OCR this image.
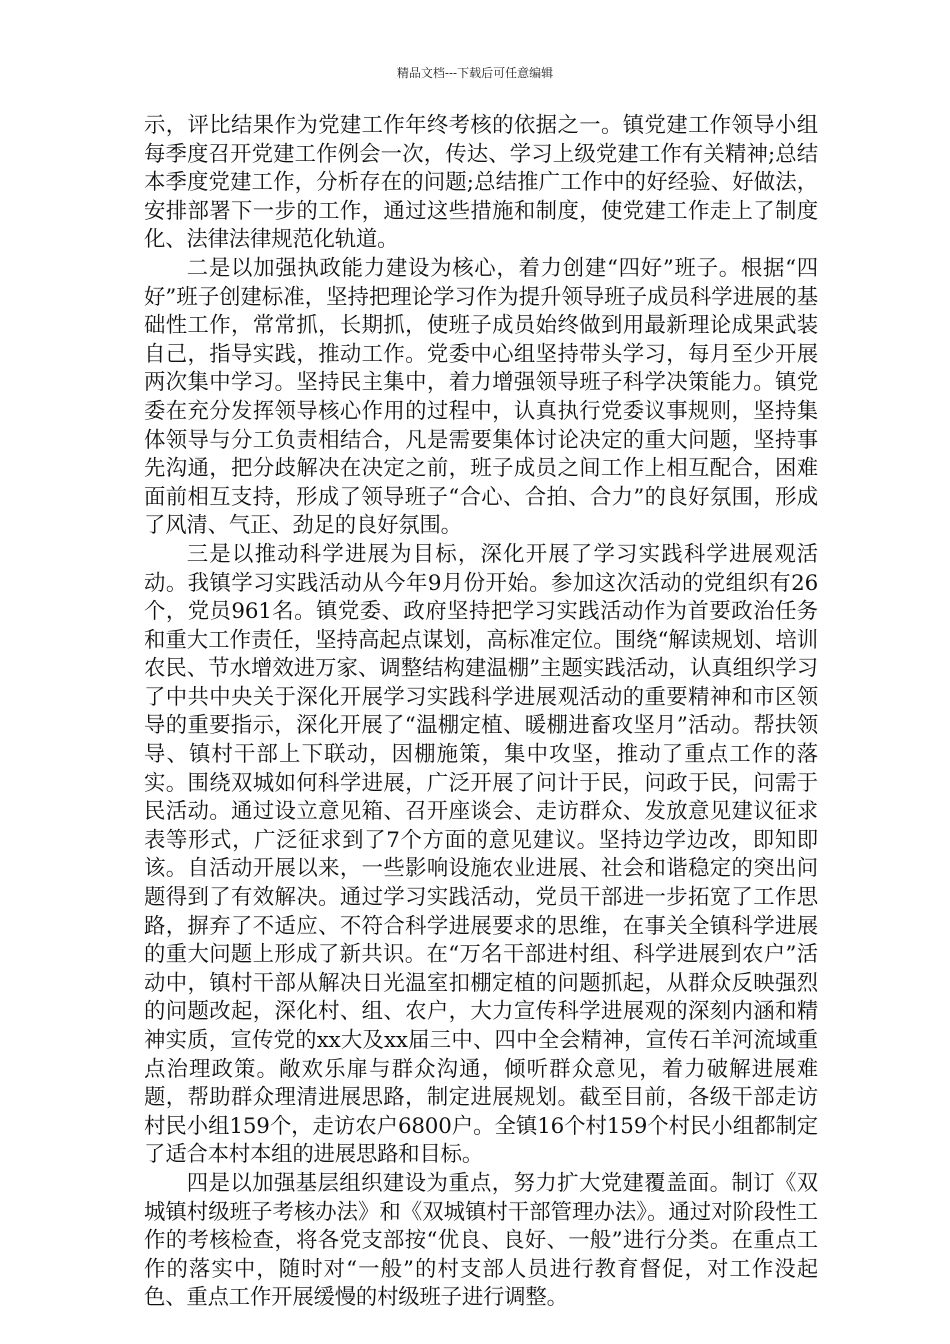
精品文档---下载后可任意编辑

示，评比结果作为党建工作年终考核的依据之一。镇党建工作领导小组每季度召开党建工作例会一次，传达、学习上级党建工作有关精神;总结本季度党建工作，分析存在的问题;总结推广工作中的好经验、好做法，安排部署下一步的工作，通过这些措施和制度，使党建工作走上了制度化、法律法律规范化轨道。

二是以加强执政能力建设为核心，着力创建“四好”班子。根据“四好”班子创建标准，坚持把理论学习作为提升领导班子成员科学进展的基础性工作，常常抓，长期抓，使班子成员始终做到用最新理论成果武装自己，指导实践，推动工作。党委中心组坚持带头学习，每月至少开展两次集中学习。坚持民主集中，着力增强领导班子科学决策能力。镇党委在充分发挥领导核心作用的过程中，认真执行党委议事规则，坚持集体领导与分工负责相结合，凡是需要集体讨论决定的重大问题，坚持事先沟通，把分歧解决在决定之前，班子成员之间工作上相互配合，困难面前相互支持，形成了领导班子“合心、合拍、合力”的良好氛围，形成了风清、气正、劲足的良好氛围。

三是以推动科学进展为目标，深化开展了学习实践科学进展观活动。我镇学习实践活动从今年9月份开始。参加这次活动的党组织有26个，党员961名。镇党委、政府坚持把学习实践活动作为首要政治任务和重大工作责任，坚持高起点谋划，高标准定位。围绕“解读规划、培训农民、节水增效进万家、调整结构建温棚”主题实践活动，认真组织学习了中共中央关于深化开展学习实践科学进展观活动的重要精神和市区领导的重要指示，深化开展了“温棚定植、暖棚进畜攻坚月”活动。帮扶领导、镇村干部上下联动，因棚施策，集中攻坚，推动了重点工作的落实。围绕双城如何科学进展，广泛开展了问计于民，问政于民，问需于民活动。通过设立意见箱、召开座谈会、走访群众、发放意见建议征求表等形式，广泛征求到了7个方面的意见建议。坚持边学边改，即知即该。自活动开展以来，一些影响设施农业进展、社会和谐稳定的突出问题得到了有效解决。通过学习实践活动，党员干部进一步拓宽了工作思路，摒弃了不适应、不符合科学进展要求的思维，在事关全镇科学进展的重大问题上形成了新共识。在“万名干部进村组、科学进展到农户”活动中，镇村干部从解决日光温室扣棚定植的问题抓起，从群众反映强烈的问题改起，深化村、组、农户，大力宣传科学进展观的深刻内涵和精神实质，宣传党的xx大及xx届三中、四中全会精神，宣传石羊河流域重点治理政策。敞欢乐扉与群众沟通，倾听群众意见，着力破解进展难题，帮助群众理清进展思路，制定进展规划。截至目前，各级干部走访村民小组159个，走访农户6800户。全镇16个村159个村民小组都制定了适合本村本组的进展思路和目标。

四是以加强基层组织建设为重点，努力扩大党建覆盖面。制订《双城镇村级班子考核办法》和《双城镇村干部管理办法》。通过对阶段性工作的考核检查，将各党支部按“优良、良好、一般”进行分类。在重点工作的落实中，随时对“一般”的村支部人员进行教育督促，对工作没起色、重点工作开展缓慢的村级班子进行调整。
